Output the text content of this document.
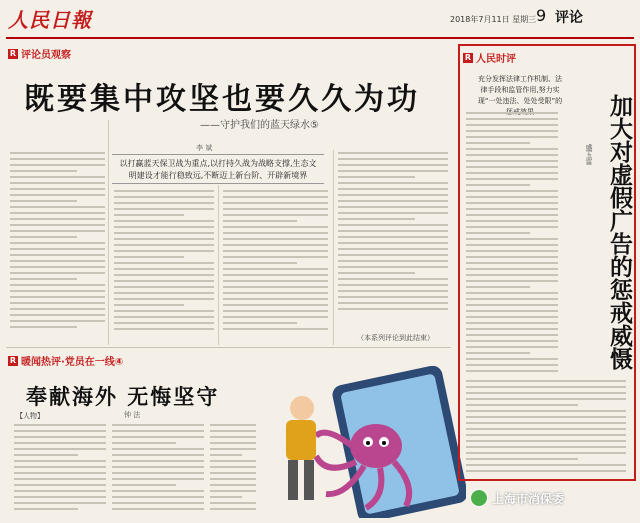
人民日報	2018年7月11日 星期三 9 评论
R 评论员观察
既要集中攻坚也要久久为功
——守护我们的蓝天绿水⑤
李 斌
以打赢蓝天保卫战为重点,以打持久战为战略支撑,生态文明建设才能行稳致远,不断迈上新台阶、开辟新境界
（本系列评论到此结束）
R 暖闻热评·党员在一线④
奉献海外 无悔坚守
钟 法
【人物】
R 人民时评
充分发挥法律工作机制、法律手段和监管作用,努力实现“一处违法、处处受限”的	加大对虚假广告的惩戒威慑
盛玉雷
上海市消保委
